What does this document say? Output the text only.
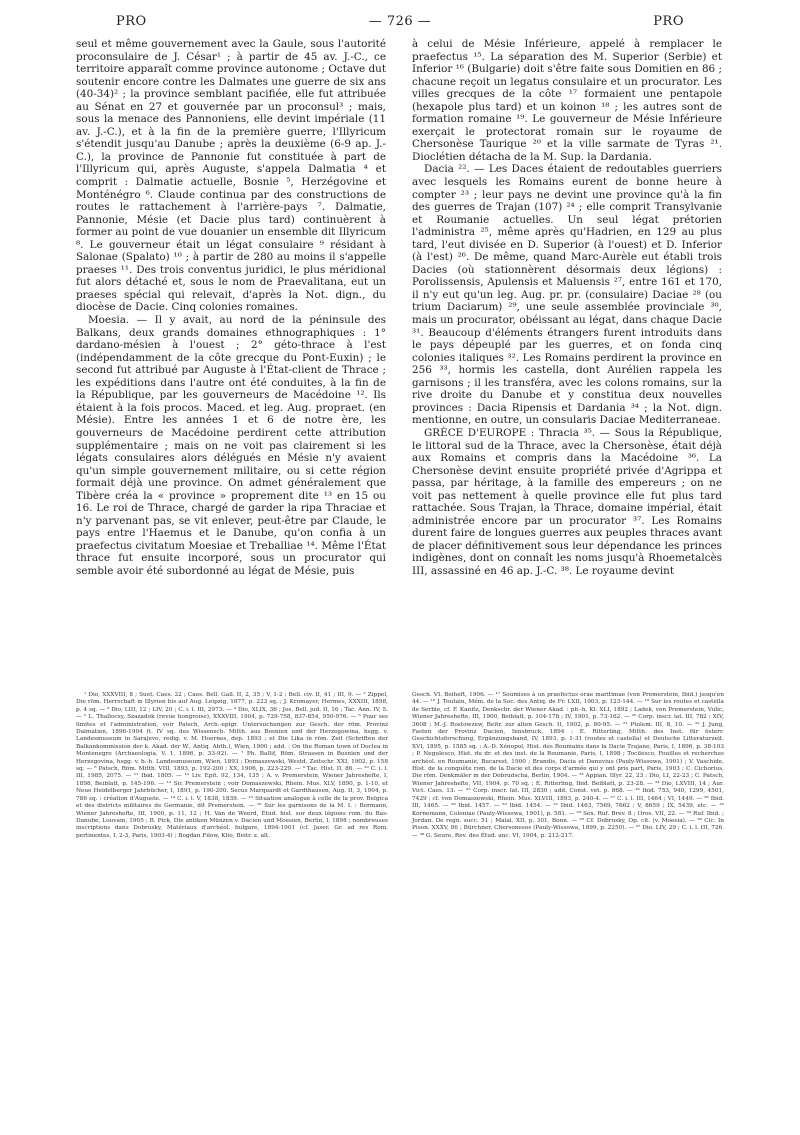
PRO	— 726 —	PRO

seul et même gouvernement avec la Gaule, sous l'autorité proconsulaire de J. César¹ ; à partir de 45 av. J.-C., ce territoire apparaît comme province autonome ; Octave dut soutenir encore contre les Dalmates une guerre de six ans (40-34)² ; la province semblant pacifiée, elle fut attribuée au Sénat en 27 et gouvernée par un proconsul³ ; mais, sous la menace des Pannoniens, elle devint impériale (11 av. J.-C.), et à la fin de la première guerre, l'Illyricum s'étendit jusqu'au Danube ; après la deuxième (6-9 ap. J.-C.), la province de Pannonie fut constituée à part de l'Illyricum qui, après Auguste, s'appela Dalmatia ⁴ et comprit : Dalmatie actuelle, Bosnie ⁵, Herzégovine et Monténégro ⁶. Claude continua par des constructions de routes le rattachement à l'arrière-pays ⁷. Dalmatie, Pannonie, Mésie (et Dacie plus tard) continuèrent à former au point de vue douanier un ensemble dit Illyricum ⁸. Le gouverneur était un légat consulaire ⁹ résidant à Salonae (Spalato) ¹⁰ ; à partir de 280 au moins il s'appelle praeses ¹¹. Des trois conventus juridici, le plus méridional fut alors détaché et, sous le nom de Praevalitana, eut un praeses spécial qui relevait, d'après la Not. dign., du diocèse de Dacie. Cinq colonies romaines.

Moesia. — Il y avait, au nord de la péninsule des Balkans, deux grands domaines ethnographiques : 1° dardano-mésien à l'ouest ; 2° géto-thrace à l'est (indépendamment de la côte grecque du Pont-Euxin) ; le second fut attribué par Auguste à l'État-client de Thrace ; les expéditions dans l'autre ont été conduites, à la fin de la République, par les gouverneurs de Macédoine ¹². Ils étaient à la fois procos. Maced. et leg. Aug. propraet. (en Mésie). Entre les années 1 et 6 de notre ère, les gouverneurs de Macédoine perdirent cette attribution supplémentaire ; mais on ne voit pas clairement si les légats consulaires alors délégués en Mésie n'y avaient qu'un simple gouvernement militaire, ou si cette région formait déjà une province. On admet généralement que Tibère créa la « province » proprement dite ¹³ en 15 ou 16. Le roi de Thrace, chargé de garder la ripa Thraciae et n'y parvenant pas, se vit enlever, peut-être par Claude, le pays entre l'Haemus et le Danube, qu'on confia à un praefectus civitatum Moesiae et Treballiae ¹⁴. Même l'État thrace fut ensuite incorporé, sous un procurator qui semble avoir été subordonné au légat de Mésie, puis

à celui de Mésie Inférieure, appelé à remplacer le praefectus ¹⁵. La séparation des M. Superior (Serbie) et Inferior ¹⁶ (Bulgarie) doit s'être faite sous Domitien en 86 ; chacune reçoit un legatus consulaire et un procurator. Les villes grecques de la côte ¹⁷ formaient une pentapole (hexapole plus tard) et un koinon ¹⁸ ; les autres sont de formation romaine ¹⁹. Le gouverneur de Mésie Inférieure exerçait le protectorat romain sur le royaume de Chersonèse Taurique ²⁰ et la ville sarmate de Tyras ²¹. Dioclétien détacha de la M. Sup. la Dardania.

Dacia ²². — Les Daces étaient de redoutables guerriers avec lesquels les Romains eurent de bonne heure à compter ²³ ; leur pays ne devint une province qu'à la fin des guerres de Trajan (107) ²⁴ ; elle comprit Transylvanie et Roumanie actuelles. Un seul légat prétorien l'administra ²⁵, même après qu'Hadrien, en 129 au plus tard, l'eut divisée en D. Superior (à l'ouest) et D. Inferior (à l'est) ²⁶. De même, quand Marc-Aurèle eut établi trois Dacies (où stationnèrent désormais deux légions) : Porolissensis, Apulensis et Maluensis ²⁷, entre 161 et 170, il n'y eut qu'un leg. Aug. pr. pr. (consulaire) Daciae ²⁸ (ou trium Daciarum) ²⁹, une seule assemblée provinciale ³⁰, mais un procurator, obéissant au légat, dans chaque Dacie ³¹. Beaucoup d'éléments étrangers furent introduits dans le pays dépeuplé par les guerres, et on fonda cinq colonies italiques ³². Les Romains perdirent la province en 256 ³³, hormis les castella, dont Aurélien rappela les garnisons ; il les transféra, avec les colons romains, sur la rive droite du Danube et y constitua deux nouvelles provinces : Dacia Ripensis et Dardania ³⁴ ; la Not. dign. mentionne, en outre, un consularis Daciae Mediterraneae.

GRÈCE D'EUROPE : Thracia ³⁵. — Sous la République, le littoral sud de la Thrace, avec la Chersonèse, était déjà aux Romains et compris dans la Macédoine ³⁶. La Chersonèse devint ensuite propriété privée d'Agrippa et passa, par héritage, à la famille des empereurs ; on ne voit pas nettement à quelle province elle fut plus tard rattachée. Sous Trajan, la Thrace, domaine impérial, était administrée encore par un procurator ³⁷. Les Romains durent faire de longues guerres aux peuples thraces avant de placer définitivement sous leur dépendance les princes indigènes, dont on connaît les noms jusqu'à Rhoemetalcès III, assassiné en 46 ap. J.-C. ³⁸. Le royaume devint

¹ Dio, XXXVIII, 8 ; Suet. Caes. 22 ; Caes. Bell. Gall. II, 2, 35 ; V, 1-2 ; Bell. civ. II, 41 ; III, 9. — ² Zippel, Die röm. Herrschaft in Illyrien bis auf Aug. Leipzig, 1877, p. 223 sq. ; J. Kromayer, Hermes, XXXIII, 1898, p. 4 sq. — ³ Dio, LIII, 12 ; LIV, 20 ; C. i. l. III, 2973. — ⁴ Dio, XLIX, 36 ; Jos. Bell. jud. II, 16 ; Tac. Ann. IV, 5. — ⁵ L. Thallocsy, Szazadok (revue hongroise), XXXVIII, 1904, p. 729-758, 837-854, 950-976. — ⁶ Pour ses limites et l'administration, voir Patsch, Arch.-epigr. Untersuchungen zur Gesch. der röm. Provinz Dalmatien, 1896-1904 (t. IV sq. des Wissensch. Mitth. aus Bosnien und der Herzegowina, hsgg. v. Landesmuseum in Sarajevo, redig. v. M. Hoernes, dep. 1893 ; et Die Lika in röm. Zeit (Schriften der Balkankommission der k. Akad. der W., Antiq. Abth.), Wien, 1900 ; add. : On the Roman town of Doclea in Montenegro (Archaeologia, V, 1, 1896, p. 33-92). — ⁷ Ph. Ballif, Röm. Strassen in Bosnien und der Herzegovina, hsgg. v. b.-h. Landesmuseum, Wien, 1893 ; Domaszewski, Westd. Zeitschr. XXI, 1902, p. 158 sq. — ⁸ Patsch, Röm. Mitth. VIII, 1893, p. 192-200 ; XX, 1906, p. 223-229. — ⁹ Tac. Hist. II, 86. — ¹⁰ C. i. l. III, 1985, 2075. — ¹¹ Ibid. 1805. — ¹² Liv. Epit. 92, 134, 135 ; A. v. Premerstein, Wiener Jahreshefte, I, 1898, Beiblatt, p. 145-196. — ¹³ Sic Premerstein ; voir Domaszewski, Rhein. Mus. XLV, 1890, p. 1-10, et Neue Heidelberger Jahrbücher, I, 1891, p. 190-200. Secus Marquardt et Gardthausen, Aug. II, 3, 1904, p. 786 sq. : création d'Auguste. — ¹⁴ C. i. l. V, 1838, 1839. — ¹⁵ Situation analogue à celle de la prov. Belgica et des districts militaires de Germanie, dit Premerstein. — ¹⁶ Sur les garnisons de la M. I. : Bormann, Wiener Jahreshefte, III, 1900, p. 11, 12 ; H. Van de Weerd, Étud. hist. sur deux légions rom. du Bas-Danube, Louvain, 1905 ; B. Pick, Die antiken Münzen v. Dacien und Moesien, Berlin, I, 1898 ; nombreuses inscriptions dans Dobrusky, Matériaux d'archéol. bulgare, 1894-1901 (cf. Jaser. Gr. ad res Rom. pertinentes, I, 2-3, Paris, 1903-4) ; Bogdan Filow, Klio, Beitr. z. alt.

Gesch. VI. Beiheft, 1906. — ¹⁷ Soumises à un praefectus orae maritimae (von Premerstein, Ibid.) jusqu'en 44. — ¹⁸ J. Toutain, Mém. de la Soc. des Antiq. de Fr. LXII, 1903, p. 123-144. — ¹⁹ Sur les routes et castella de Serbie, cf. F. Kanitz, Denkschr. der Wiener Akad. : ph.-h. Kl. XLI, 1892 ; Ladek, von Premerstein, Vulic, Wiener Jahreshefte, III, 1900, Beiblatt, p. 104-178 ; IV, 1901, p. 73-162. — ²⁰ Corp. inscr. lat. III, 782 ; XIV, 3608 ; M.-J. Rostowzew, Beitr. zur alten Gesch. II, 1902, p. 80-95. — ²¹ Ptolem. III, 8, 10. — ²² J. Jung, Fasten der Provinz Dacien, Innsbruck, 1894 ; E. Ritterling, Mitth. des Inst. für österr. Geschichtsforschung, Ergänzungsband, IV, 1893, p. 1-31 (routes et castella) et Deutsche Litteraturzeit. XVI, 1895, p. 1585 sq. ; A.-D. Xénopol, Hist. des Roumains dans la Dacie Trajane, Paris, I, 1896, p. 38-103 ; P. Negulesco, Hist. du dr. et des inst. de la Roumanie, Paris, I, 1898 ; Tocilesco, Fouilles et recherches archéol. en Roumanie, Bucarest, 1900 ; Brandis, Dacia et Danuvius (Pauly-Wissowa, 1901) ; V. Vaschide, Hist. de la conquête rom. de la Dacie et des corps d'armée qui y ont pris part, Paris, 1903 ; C. Cichorius, Die röm. Denkmäler in der Dobrudscha, Berlin, 1904. — ²³ Appian. Illyr. 22, 23 ; Dio, LI, 22-23 ; C. Patsch, Wiener Jahreshefte, VII, 1904, p. 70 sq. ; E. Ritterling, Ibid. Beiblatt, p. 23-28. — ²⁴ Dio, LXVIII, 14 ; Aur. Vict. Caes. 13. — ²⁵ Corp. inscr. lat. III, 2830 ; add. Const. vet. p. 868. — ²⁶ Ibid. 753, 940, 1299, 4501, 7429 ; cf. von Domaszewski, Rhein. Mus. XLVIII, 1893, p. 240-4. — ²⁷ C. i. l. III, 1464 ; VI, 1449. — ²⁸ Ibid. III, 1465. — ²⁹ Ibid. 1457. — ³⁰ Ibid. 1454. — ³¹ Ibid. 1463, 7569, 7662 ; V, 8659 ; IX, 5439, etc. — ³² Kornemann, Coloniae (Pauly-Wissowa, 1901), p. 581. — ³³ Sex. Ruf. Brev. 8 ; Oros. VII, 22. — ³⁴ Ruf. Ibid. ; Jordan. De regn. succ. 51 ; Malal. XII, p. 301, Bonn. — ³⁵ Cf. Dobrusky, Op. cit. (v. Moesia). — ³⁶ Cic. In Pison. XXXV, 86 ; Bürchner, Chersonesos (Pauly-Wissowa, 1899, p. 2250). — ³⁷ Dio. LIV, 29 ; C. i. l. III, 726. — ³⁸ G. Seure, Rev. des Étud. anc. VI, 1904, p. 212-217.
